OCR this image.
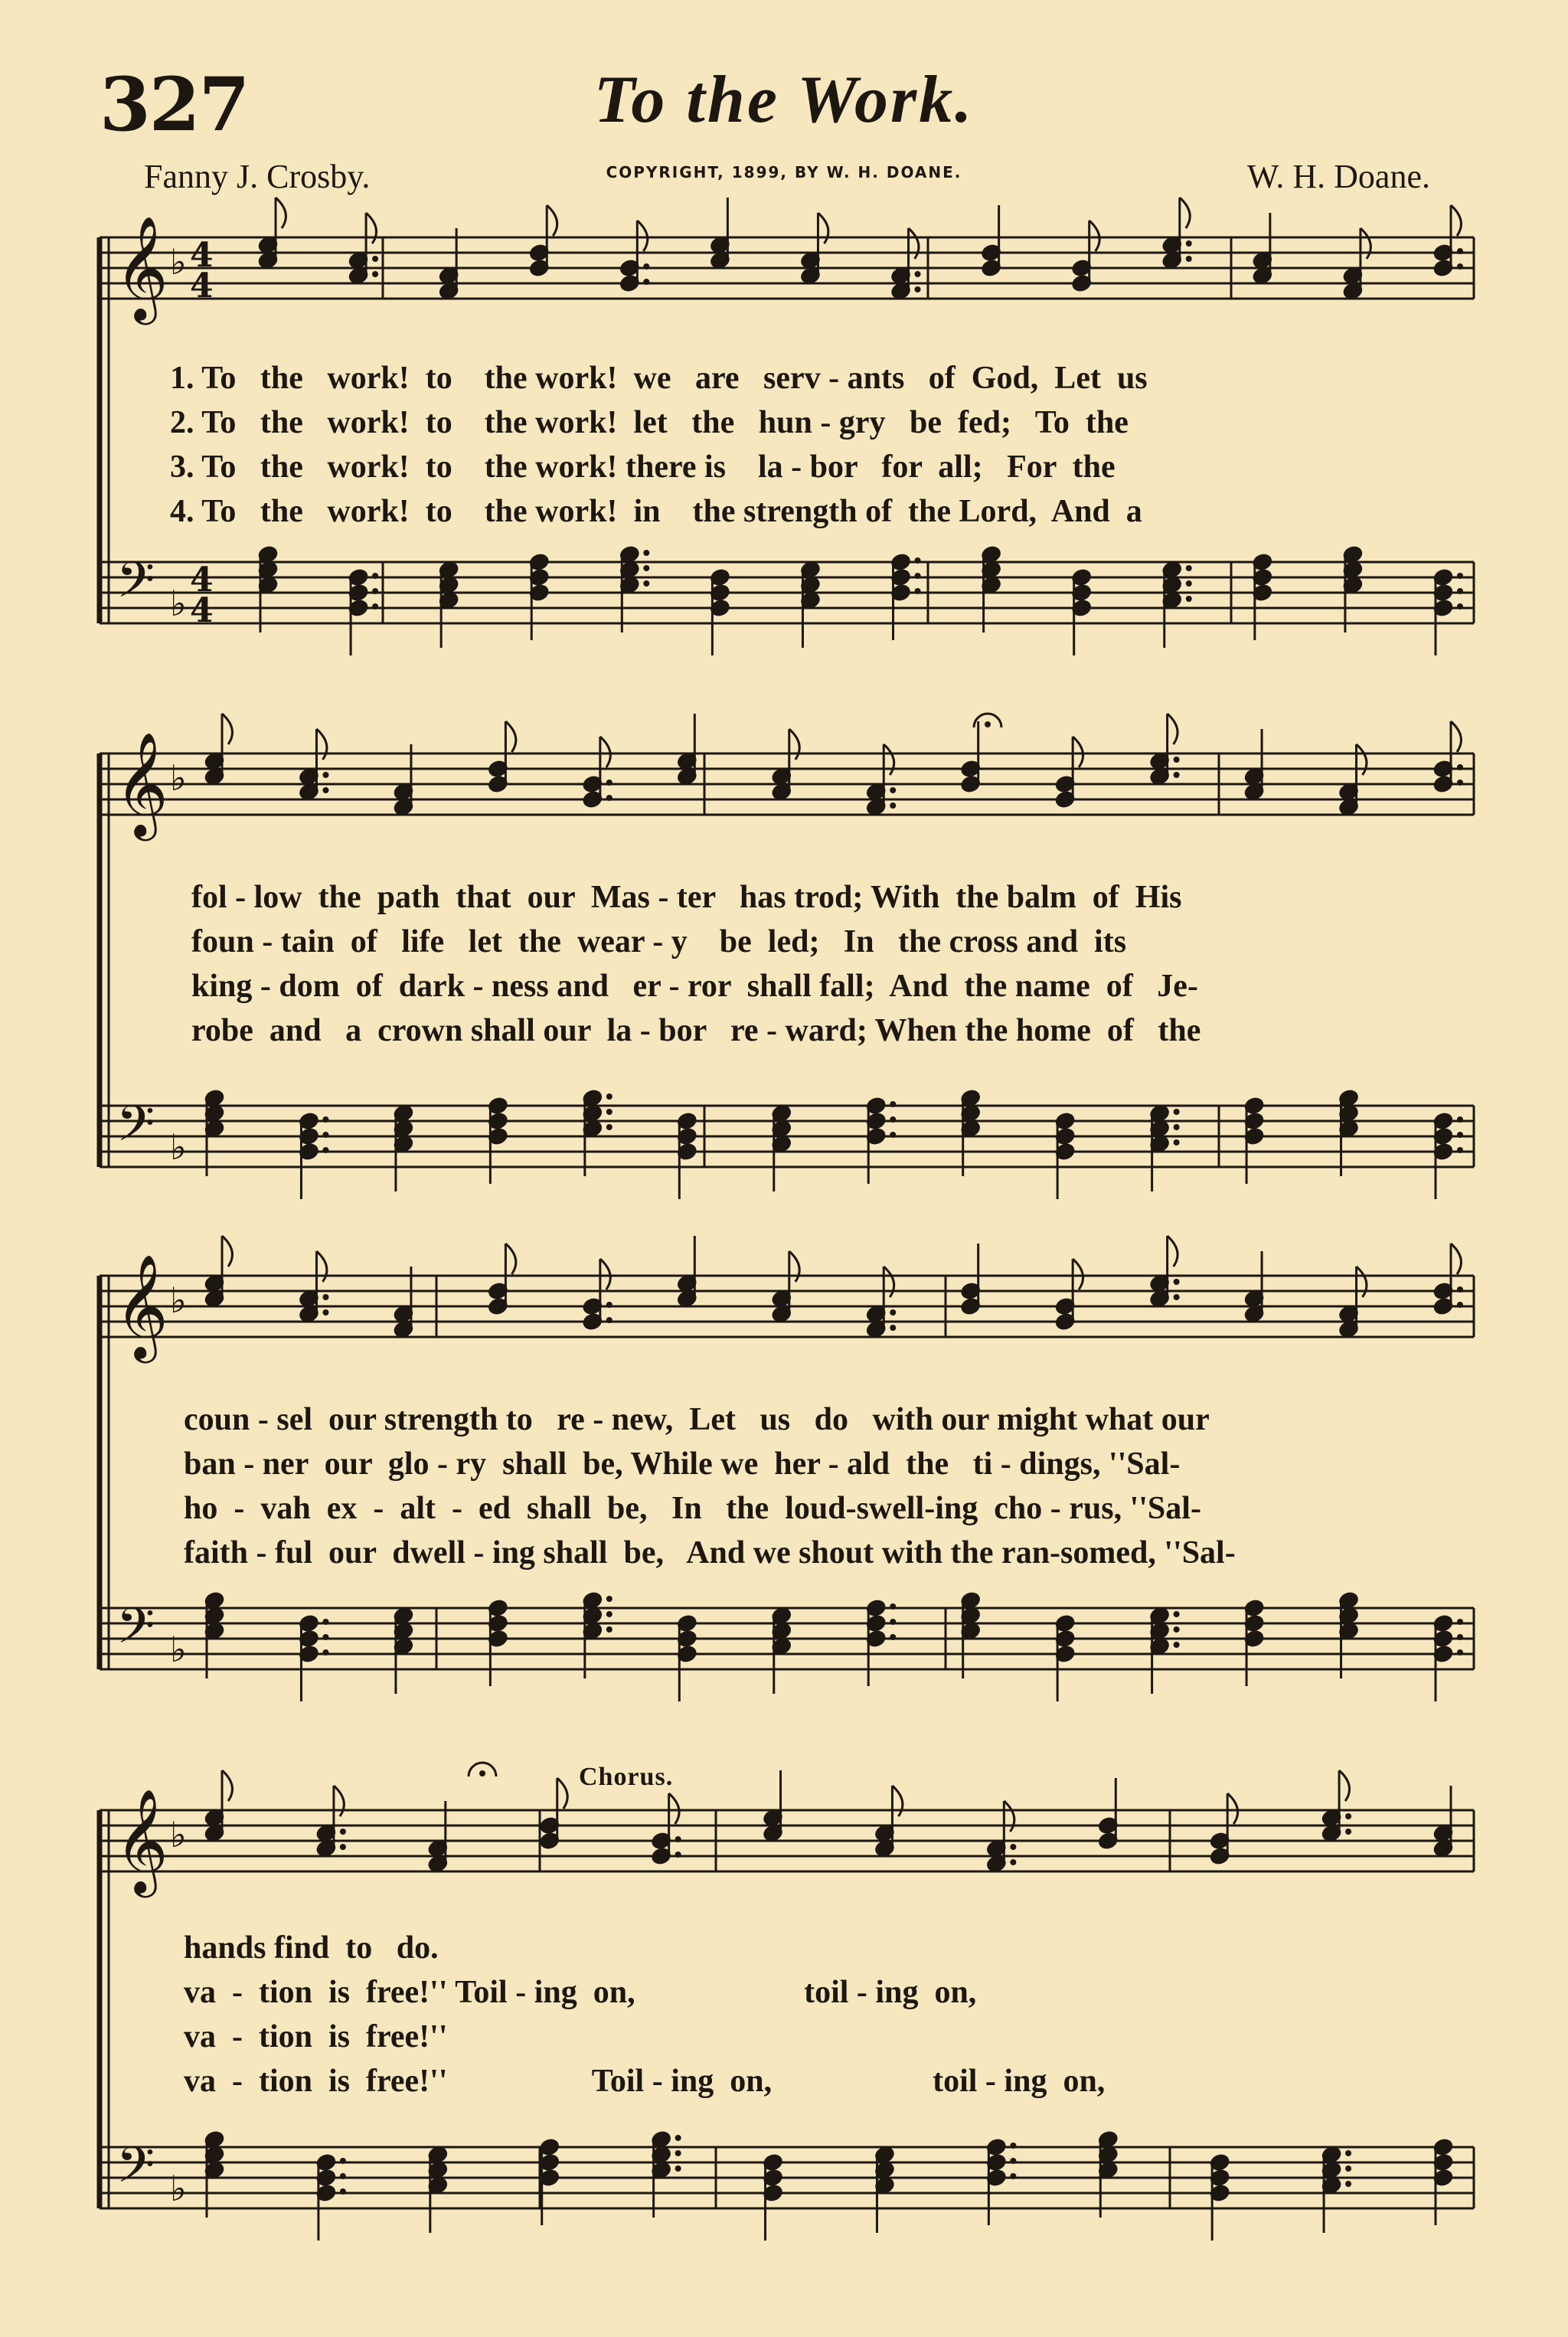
327	To the Work.
Fanny J. Crosby.	COPYRIGHT, 1899, BY W. H. DOANE.	W. H. Doane.
𝄞
𝄢
♭
♭
4
4
4
4
𝄞
𝄢
♭
♭
𝄞
𝄢
♭
♭
𝄞
𝄢
♭
♭
1. To   the   work!  to    the work!  we   are   serv - ants   of  God,  Let  us
2. To   the   work!  to    the work!  let   the   hun - gry   be  fed;   To  the
3. To   the   work!  to    the work! there is    la - bor   for  all;   For  the
4. To   the   work!  to    the work!  in    the strength of  the Lord,  And  a
fol - low  the  path  that  our  Mas - ter   has trod; With  the balm  of  His
foun - tain  of   life   let  the  wear - y    be  led;   In   the cross and  its
king - dom  of  dark - ness and   er - ror  shall fall;  And  the name  of   Je-
robe  and   a  crown shall our  la - bor   re - ward; When the home  of   the
coun - sel  our strength to   re - new,  Let   us   do   with our might what our
ban - ner  our  glo - ry  shall  be, While we  her - ald  the   ti - dings, ''Sal-
ho  -  vah  ex  -  alt  -  ed  shall  be,   In   the  loud-swell-ing  cho - rus, ''Sal-
faith - ful  our  dwell - ing shall  be,   And we shout with the ran-somed, ''Sal-
hands find  to   do.
va  -  tion  is  free!'' Toil - ing  on,                     toil - ing  on,
va  -  tion  is  free!''
va  -  tion  is  free!''                  Toil - ing  on,                    toil - ing  on,
Chorus.
